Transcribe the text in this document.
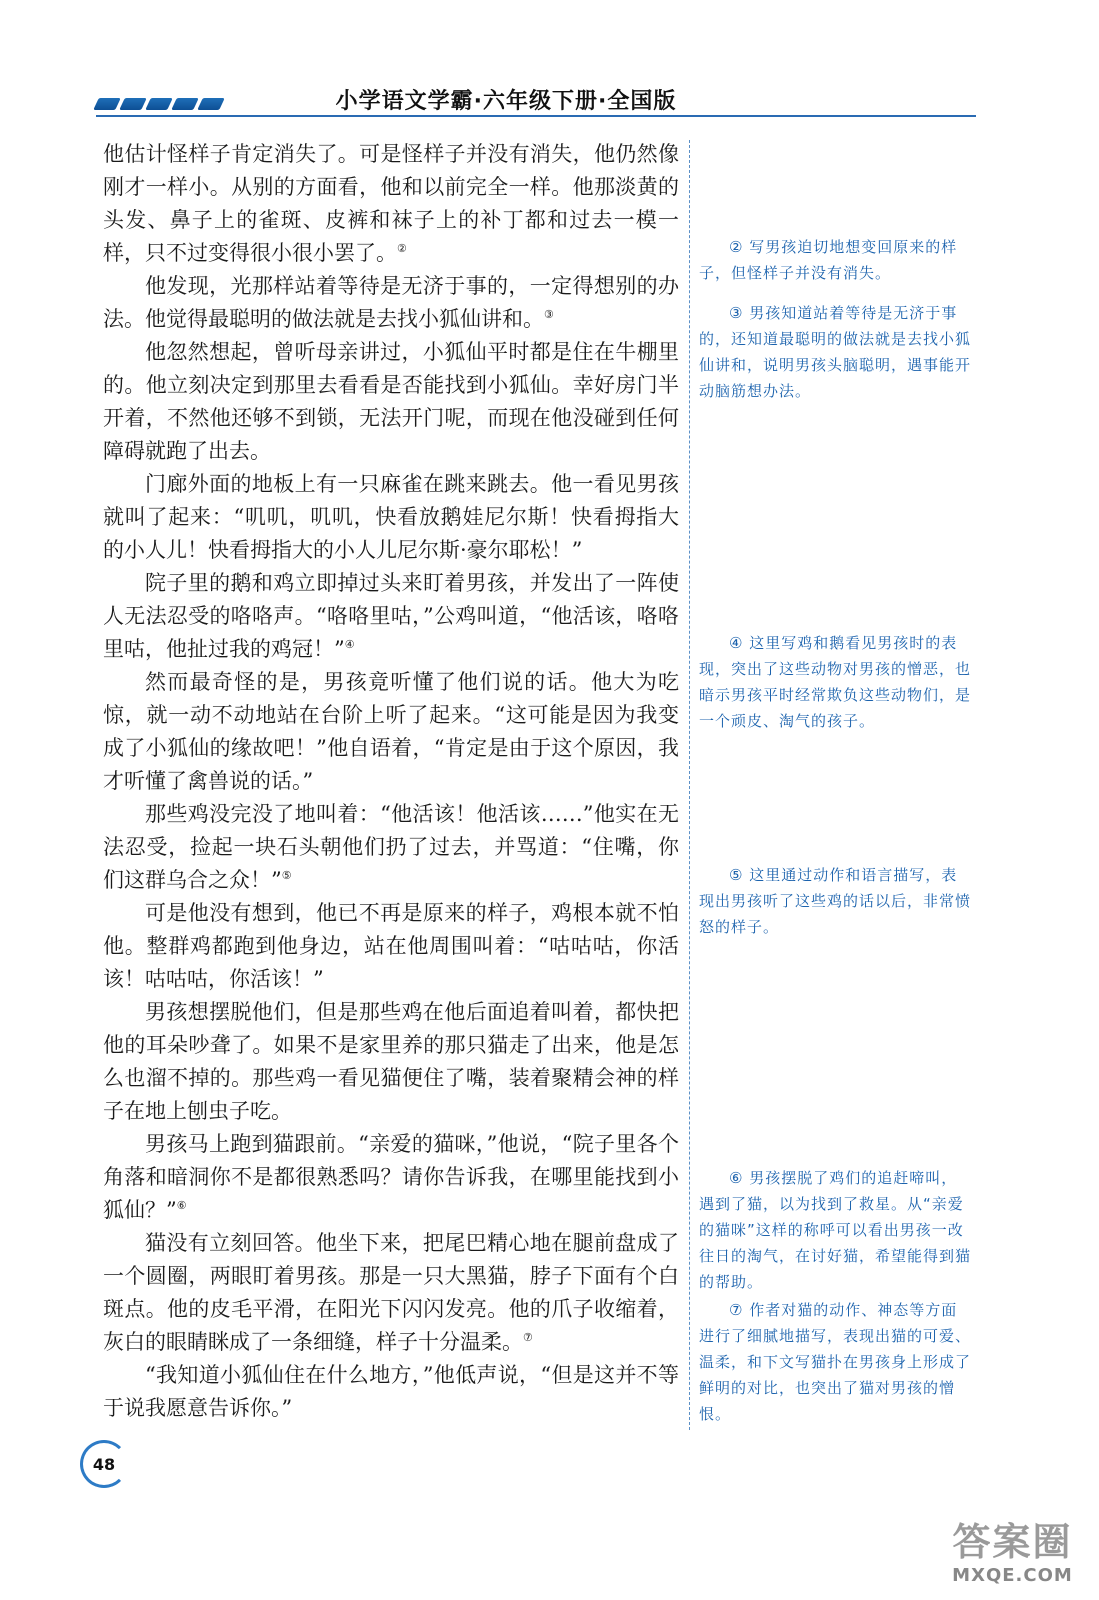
小学语文学霸·六年级下册·全国版

他估计怪样子肯定消失了。可是怪样子并没有消失，他仍然像刚才一样小。从别的方面看，他和以前完全一样。他那淡黄的头发、鼻子上的雀斑、皮裤和袜子上的补丁都和过去一模一样，只不过变得很小很小罢了。②

他发现，光那样站着等待是无济于事的，一定得想别的办法。他觉得最聪明的做法就是去找小狐仙讲和。③

他忽然想起，曾听母亲讲过，小狐仙平时都是住在牛棚里的。他立刻决定到那里去看看是否能找到小狐仙。幸好房门半开着，不然他还够不到锁，无法开门呢，而现在他没碰到任何障碍就跑了出去。

门廊外面的地板上有一只麻雀在跳来跳去。他一看见男孩就叫了起来：“叽叽，叽叽，快看放鹅娃尼尔斯！快看拇指大的小人儿！快看拇指大的小人儿尼尔斯·豪尔耶松！”

院子里的鹅和鸡立即掉过头来盯着男孩，并发出了一阵使人无法忍受的咯咯声。“咯咯里咕，”公鸡叫道，“他活该，咯咯里咕，他扯过我的鸡冠！”④

然而最奇怪的是，男孩竟听懂了他们说的话。他大为吃惊，就一动不动地站在台阶上听了起来。“这可能是因为我变成了小狐仙的缘故吧！”他自语着，“肯定是由于这个原因，我才听懂了禽兽说的话。”

那些鸡没完没了地叫着：“他活该！他活该……”他实在无法忍受，捡起一块石头朝他们扔了过去，并骂道：“住嘴，你们这群乌合之众！”⑤

可是他没有想到，他已不再是原来的样子，鸡根本就不怕他。整群鸡都跑到他身边，站在他周围叫着：“咕咕咕，你活该！咕咕咕，你活该！”

男孩想摆脱他们，但是那些鸡在他后面追着叫着，都快把他的耳朵吵聋了。如果不是家里养的那只猫走了出来，他是怎么也溜不掉的。那些鸡一看见猫便住了嘴，装着聚精会神的样子在地上刨虫子吃。

男孩马上跑到猫跟前。“亲爱的猫咪，”他说，“院子里各个角落和暗洞你不是都很熟悉吗？请你告诉我，在哪里能找到小狐仙？”⑥

猫没有立刻回答。他坐下来，把尾巴精心地在腿前盘成了一个圆圈，两眼盯着男孩。那是一只大黑猫，脖子下面有个白斑点。他的皮毛平滑，在阳光下闪闪发亮。他的爪子收缩着，灰白的眼睛眯成了一条细缝，样子十分温柔。⑦

“我知道小狐仙住在什么地方，”他低声说，“但是这并不等于说我愿意告诉你。”

② 写男孩迫切地想变回原来的样子，但怪样子并没有消失。
③ 男孩知道站着等待是无济于事的，还知道最聪明的做法就是去找小狐仙讲和，说明男孩头脑聪明，遇事能开动脑筋想办法。
④ 这里写鸡和鹅看见男孩时的表现，突出了这些动物对男孩的憎恶，也暗示男孩平时经常欺负这些动物们，是一个顽皮、淘气的孩子。
⑤ 这里通过动作和语言描写，表现出男孩听了这些鸡的话以后，非常愤怒的样子。
⑥ 男孩摆脱了鸡们的追赶啼叫，遇到了猫，以为找到了救星。从“亲爱的猫咪”这样的称呼可以看出男孩一改往日的淘气，在讨好猫，希望能得到猫的帮助。
⑦ 作者对猫的动作、神态等方面进行了细腻地描写，表现出猫的可爱、温柔，和下文写猫扑在男孩身上形成了鲜明的对比，也突出了猫对男孩的憎恨。
48
答案圈
MXQE.COM
